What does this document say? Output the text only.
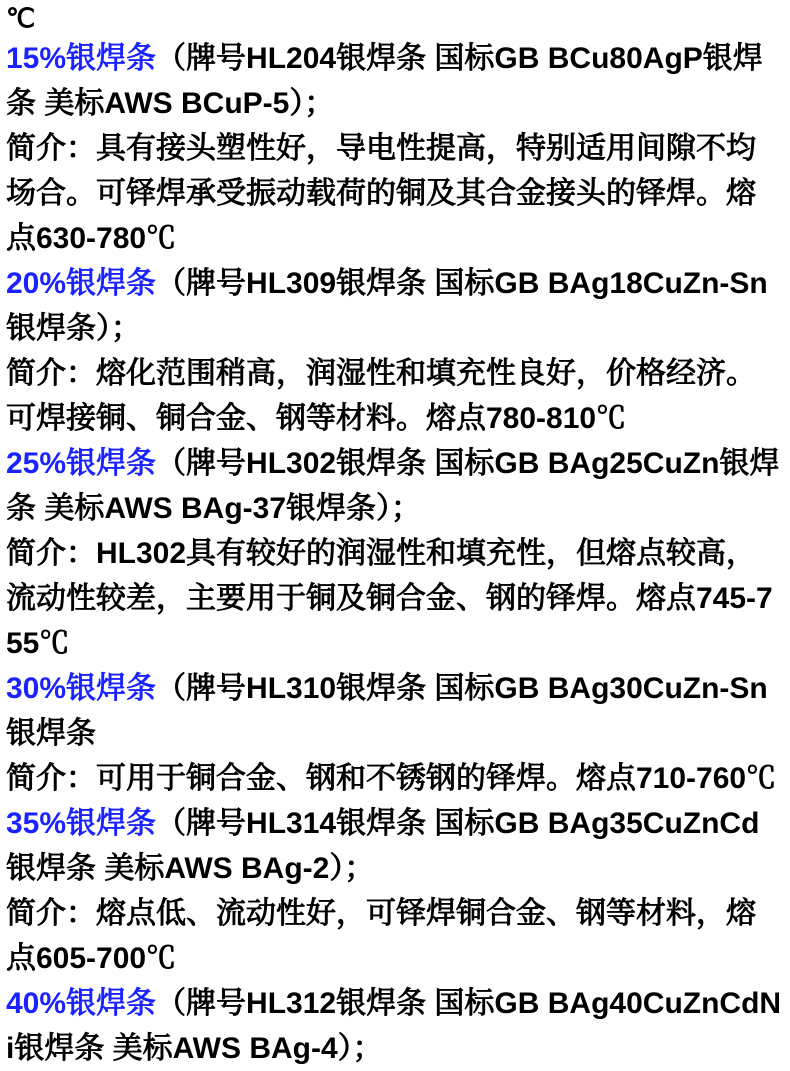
℃
15%银焊条（牌号HL204银焊条 国标GB BCu80AgP银焊条 美标AWS BCuP-5）；
简介：具有接头塑性好，导电性提高，特别适用间隙不均场合。可铎焊承受振动载荷的铜及其合金接头的铎焊。熔点630-780℃
20%银焊条（牌号HL309银焊条 国标GB BAg18CuZn-Sn银焊条）；
简介：熔化范围稍高，润湿性和填充性良好，价格经济。可焊接铜、铜合金、钢等材料。熔点780-810℃
25%银焊条（牌号HL302银焊条 国标GB BAg25CuZn银焊条 美标AWS BAg-37银焊条）；
简介：HL302具有较好的润湿性和填充性，但熔点较高，流动性较差，主要用于铜及铜合金、钢的铎焊。熔点745-755℃
30%银焊条（牌号HL310银焊条 国标GB BAg30CuZn-Sn银焊条
简介：可用于铜合金、钢和不锈钢的铎焊。熔点710-760℃
35%银焊条（牌号HL314银焊条 国标GB BAg35CuZnCd银焊条 美标AWS BAg-2）；
简介：熔点低、流动性好，可铎焊铜合金、钢等材料，熔点605-700℃
40%银焊条（牌号HL312银焊条 国标GB BAg40CuZnCdNi银焊条 美标AWS BAg-4）；
